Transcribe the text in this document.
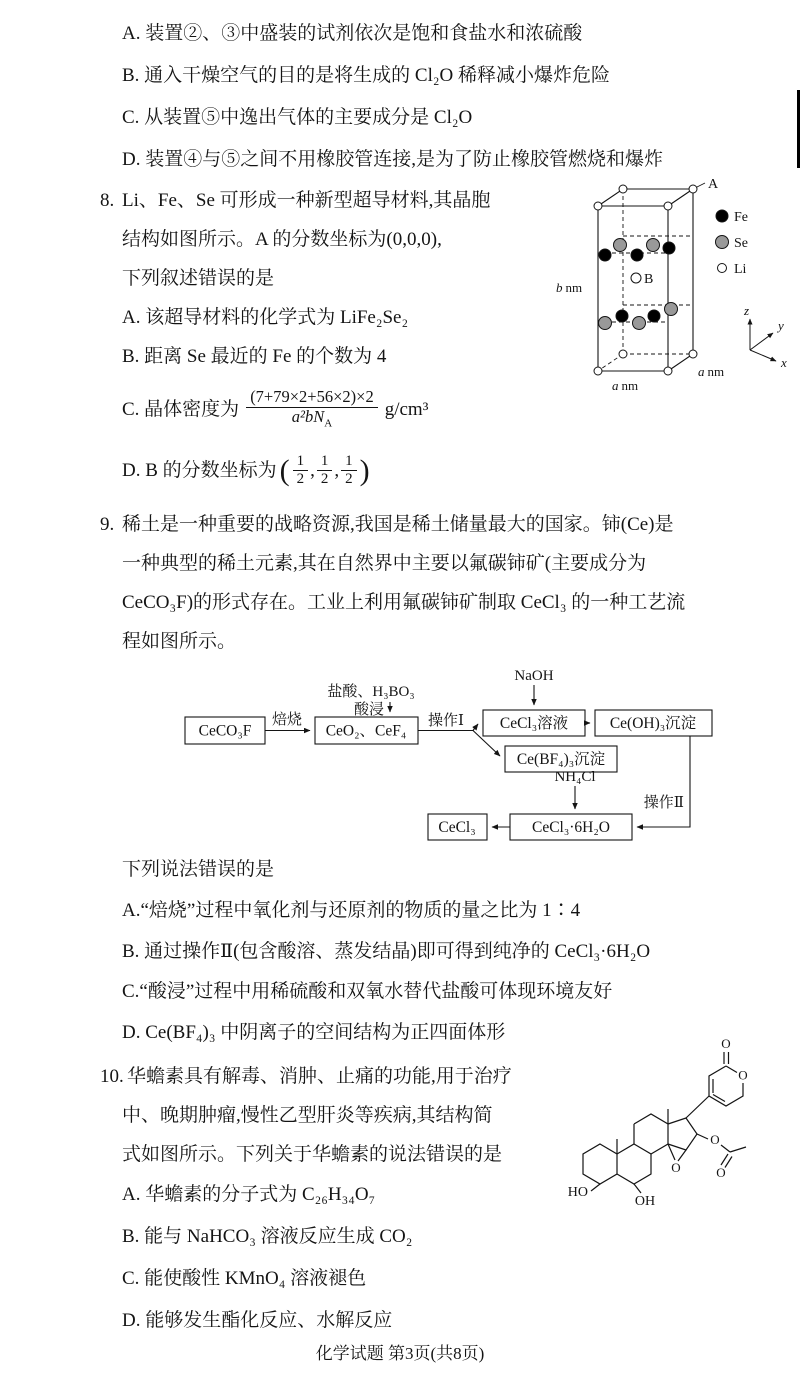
A. 装置②、③中盛装的试剂依次是饱和食盐水和浓硫酸
B. 通入干燥空气的目的是将生成的 Cl₂O 稀释减小爆炸危险
C. 从装置⑤中逸出气体的主要成分是 Cl₂O
D. 装置④与⑤之间不用橡胶管连接,是为了防止橡胶管燃烧和爆炸
8. Li、Fe、Se 可形成一种新型超导材料,其晶胞
结构如图所示。A 的分数坐标为(0,0,0),
下列叙述错误的是
A. 该超导材料的化学式为 LiFe₂Se₂
B. 距离 Se 最近的 Fe 的个数为 4
C. 晶体密度为 $\frac{(7+79\times 2+56\times 2)\times 2}{a^2bN_A} g/cm^3$
D. B 的分数坐标为 ( $\frac{1}{2}$ , $\frac{1}{2}$ , $\frac{1}{2}$ )
A
B
b nm
a nm
a nm
Fe
Se
Li
z
y
x
9. 稀土是一种重要的战略资源,我国是稀土储量最大的国家。铈(Ce)是
一种典型的稀土元素,其在自然界中主要以氟碳铈矿(主要成分为
CeCO₃F)的形式存在。工业上利用氟碳铈矿制取 CeCl₃ 的一种工艺流
程如图所示。
CeCO₃F	CeO₂、CeF₄	CeCl₃溶液	Ce(OH)₃沉淀
Ce(BF₄)₃沉淀
CeCl₃·6H₂O
CeCl₃
焙烧
盐酸、H₃BO₃
酸浸
操作Ⅰ
NaOH
NH₄Cl
操作Ⅱ
下列说法错误的是
A.“焙烧”过程中氧化剂与还原剂的物质的量之比为 1∶4
B. 通过操作Ⅱ(包含酸溶、蒸发结晶)即可得到纯净的 CeCl₃·6H₂O
C.“酸浸”过程中用稀硫酸和双氧水替代盐酸可体现环境友好
D. Ce(BF₄)₃ 中阴离子的空间结构为正四面体形
10. 华蟾素具有解毒、消肿、止痛的功能,用于治疗
中、晚期肿瘤,慢性乙型肝炎等疾病,其结构简
式如图所示。下列关于华蟾素的说法错误的是
A. 华蟾素的分子式为 C₂₆H₃₄O₇
B. 能与 NaHCO₃ 溶液反应生成 CO₂
C. 能使酸性 KMnO₄ 溶液褪色
D. 能够发生酯化反应、水解反应
O
O
O
O
O
HO
OH
化学试题 第3页(共8页)
